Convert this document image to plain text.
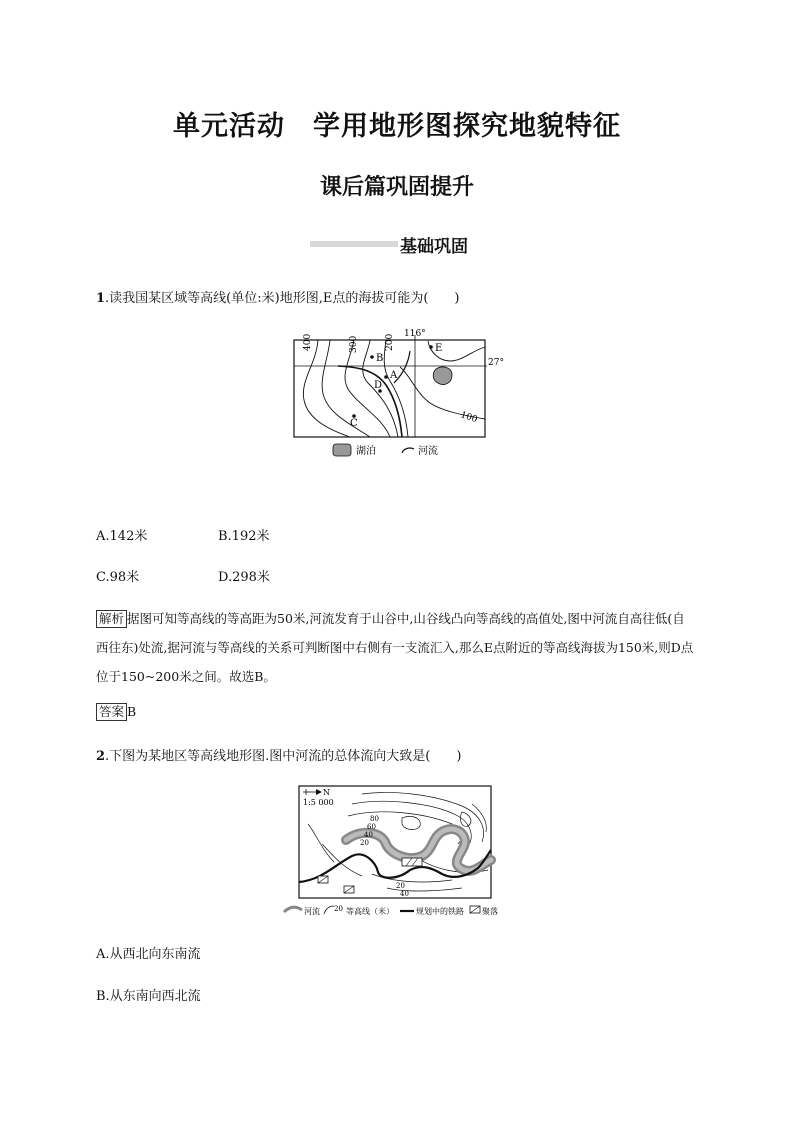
单元活动 学用地形图探究地貌特征
课后篇巩固提升
基础巩固
1.读我国某区域等高线(单位:米)地形图,E点的海拔可能为(　　)
116°
27°
400	300	200
100
B
E
A
D
C
湖泊	河流
A.142米	B.192米
C.98米	D.298米
解析 据图可知等高线的等高距为50米,河流发育于山谷中,山谷线凸向等高线的高值处,图中河流自高往低(自西往东)处流,据河流与等高线的关系可判断图中右侧有一支流汇入,那么E点附近的等高线海拔为150米,则D点位于150~200米之间。故选B。
答案 B
2.下图为某地区等高线地形图.图中河流的总体流向大致是(　　)
N
1:5 000
80
60
40
20
20
40
河流 20 等高线（米）	规划中的铁路 聚落
A.从西北向东南流
B.从东南向西北流
